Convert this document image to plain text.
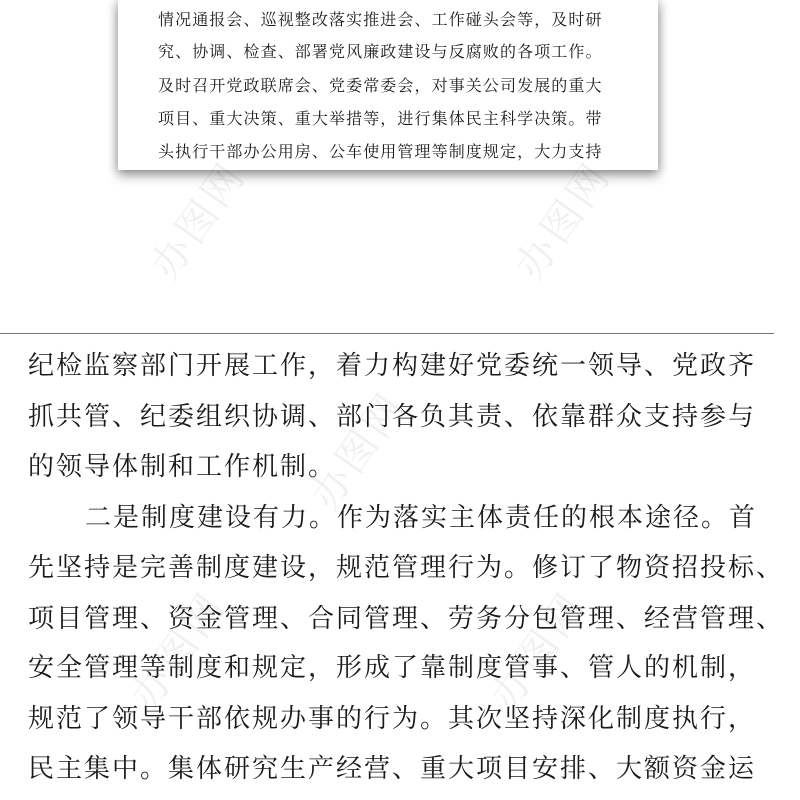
情况通报会、巡视整改落实推进会、工作碰头会等，及时研
究、协调、检查、部署党风廉政建设与反腐败的各项工作。
及时召开党政联席会、党委常委会，对事关公司发展的重大
项目、重大决策、重大举措等，进行集体民主科学决策。带
头执行干部办公用房、公车使用管理等制度规定，大力支持
纪检监察部门开展工作，着力构建好党委统一领导、党政齐
抓共管、纪委组织协调、部门各负其责、依靠群众支持参与
的领导体制和工作机制。
二是制度建设有力。作为落实主体责任的根本途径。首
先坚持是完善制度建设，规范管理行为。修订了物资招投标、
项目管理、资金管理、合同管理、劳务分包管理、经营管理、
安全管理等制度和规定，形成了靠制度管事、管人的机制，
规范了领导干部依规办事的行为。其次坚持深化制度执行，
民主集中。集体研究生产经营、重大项目安排、大额资金运
办图网	办图网
办图网
办图网	办图网
